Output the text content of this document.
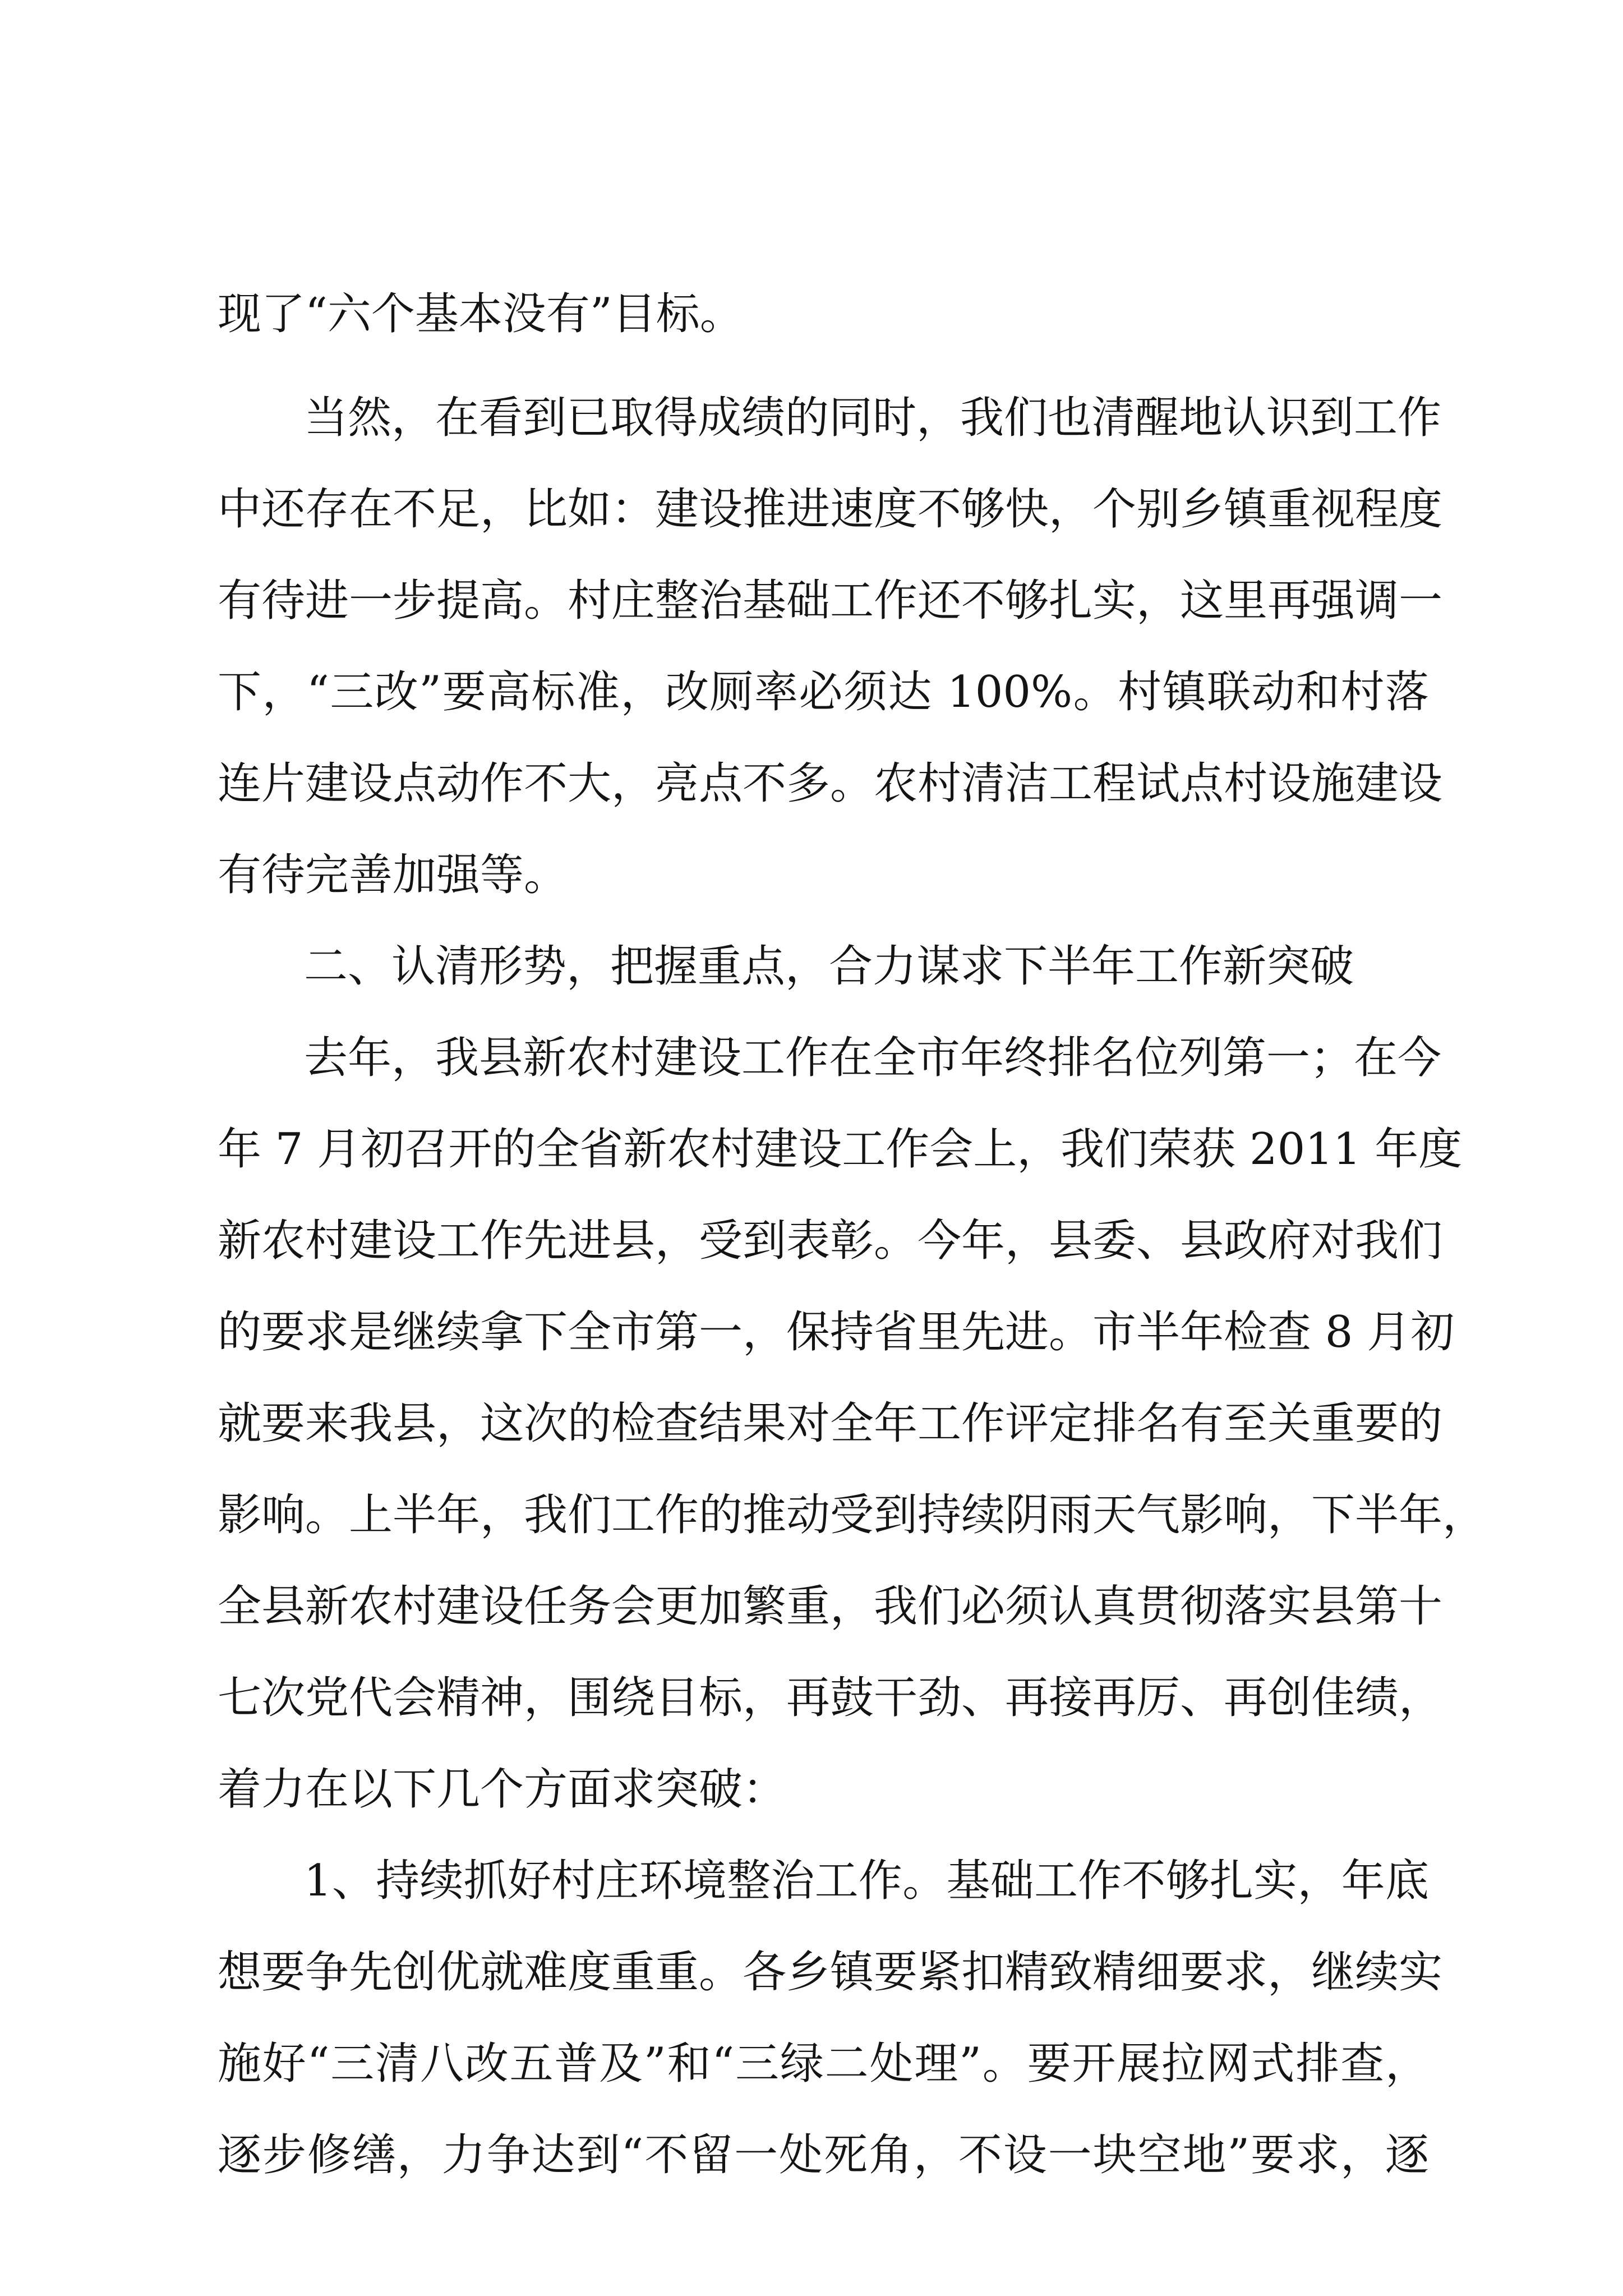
现了“六个基本没有”目标。
当然，在看到已取得成绩的同时，我们也清醒地认识到工作
中还存在不足，比如：建设推进速度不够快，个别乡镇重视程度
有待进一步提高。村庄整治基础工作还不够扎实，这里再强调一
下，“三改”要高标准，改厕率必须达 100%。村镇联动和村落
连片建设点动作不大，亮点不多。农村清洁工程试点村设施建设
有待完善加强等。
二、认清形势，把握重点，合力谋求下半年工作新突破
去年，我县新农村建设工作在全市年终排名位列第一；在今
年 7 月初召开的全省新农村建设工作会上，我们荣获 2011 年度
新农村建设工作先进县，受到表彰。今年，县委、县政府对我们
的要求是继续拿下全市第一，保持省里先进。市半年检查 8 月初
就要来我县，这次的检查结果对全年工作评定排名有至关重要的
影响。上半年，我们工作的推动受到持续阴雨天气影响，下半年，
全县新农村建设任务会更加繁重，我们必须认真贯彻落实县第十
七次党代会精神，围绕目标，再鼓干劲、再接再厉、再创佳绩，
着力在以下几个方面求突破：
1、持续抓好村庄环境整治工作。基础工作不够扎实，年底
想要争先创优就难度重重。各乡镇要紧扣精致精细要求，继续实
施好“三清八改五普及”和“三绿二处理”。要开展拉网式排查，
逐步修缮，力争达到“不留一处死角，不设一块空地”要求，逐
